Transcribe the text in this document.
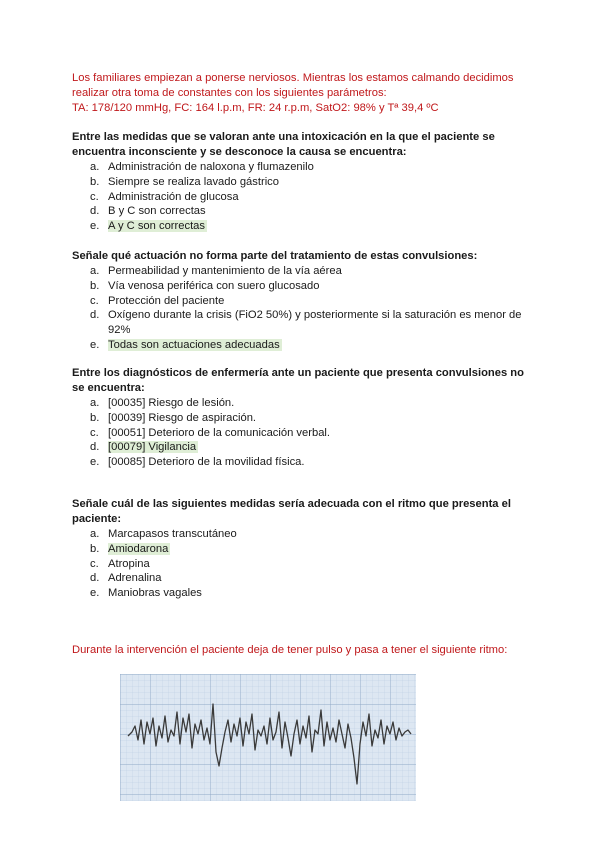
Los familiares empiezan a ponerse nerviosos. Mientras los estamos calmando decidimos
realizar otra toma de constantes con los siguientes parámetros:
TA: 178/120 mmHg, FC: 164 l.p.m, FR: 24 r.p.m, SatO2: 98% y Tª 39,4 ºC
Entre las medidas que se valoran ante una intoxicación en la que el paciente se encuentra inconsciente y se desconoce la causa se encuentra:
a. Administración de naloxona y flumazenilo
b. Siempre se realiza lavado gástrico
c. Administración de glucosa
d. B y C son correctas
e. A y C son correctas
Señale qué actuación no forma parte del tratamiento de estas convulsiones:
a. Permeabilidad y mantenimiento de la vía aérea
b. Vía venosa periférica con suero glucosado
c. Protección del paciente
d. Oxígeno durante la crisis (FiO2 50%) y posteriormente si la saturación es menor de 92%
e. Todas son actuaciones adecuadas
Entre los diagnósticos de enfermería ante un paciente que presenta convulsiones no se encuentra:
a. [00035] Riesgo de lesión.
b. [00039] Riesgo de aspiración.
c. [00051] Deterioro de la comunicación verbal.
d. [00079] Vigilancia
e. [00085] Deterioro de la movilidad física.
Señale cuál de las siguientes medidas sería adecuada con el ritmo que presenta el paciente:
a. Marcapasos transcutáneo
b. Amiodarona
c. Atropina
d. Adrenalina
e. Maniobras vagales
Durante la intervención el paciente deja de tener pulso y pasa a tener el siguiente ritmo:
